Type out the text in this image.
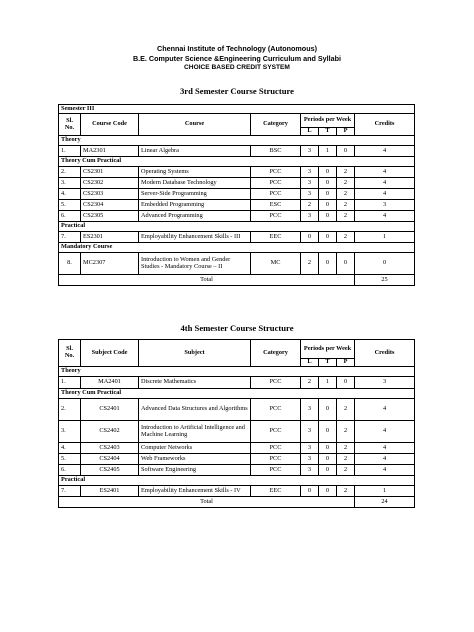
Chennai Institute of Technology (Autonomous)
B.E. Computer Science &Engineering Curriculum and Syllabi
CHOICE BASED CREDIT SYSTEM
3rd Semester Course Structure
Semester III							
Sl. No.	Course Code	Course	Category	Periods per Week			Credits
				L	T	P	
Theory							
1.	MA2301	Linear Algebra	BSC	3	1	0	4
Theory Cum Practical							
2.	CS2301	Operating Systems	PCC	3	0	2	4
3.	CS2302	Modern Database Technology	PCC	3	0	2	4
4.	CS2303	Server-Side Programming	PCC	3	0	2	4
5.	CS2304	Embedded Programming	ESC	2	0	2	3
6.	CS2305	Advanced Programming	PCC	3	0	2	4
Practical							
7.	ES2301	Employability Enhancement Skills - III	EEC	0	0	2	1
Mandatory Course							
8.	MC2307	Introduction to Women and Gender Studies - Mandatory Course – II	MC	2	0	0	0
Total							25
4th Semester Course Structure
Sl. No.	Subject Code	Subject	Category	Periods per Week			Credits
				L	T	P	
Theory							
1.	MA2401	Discrete Mathematics	PCC	2	1	0	3
Theory Cum Practical							
2.	CS2401	Advanced Data Structures and Algorithms	PCC	3	0	2	4
3.	CS2402	Introduction to Artificial Intelligence and Machine Learning	PCC	3	0	2	4
4.	CS2403	Computer Networks	PCC	3	0	2	4
5.	CS2404	Web Frameworks	PCC	3	0	2	4
6.	CS2405	Software Engineering	PCC	3	0	2	4
Practical							
7.	ES2401	Employability Enhancement Skills - IV	EEC	0	0	2	1
Total							24
